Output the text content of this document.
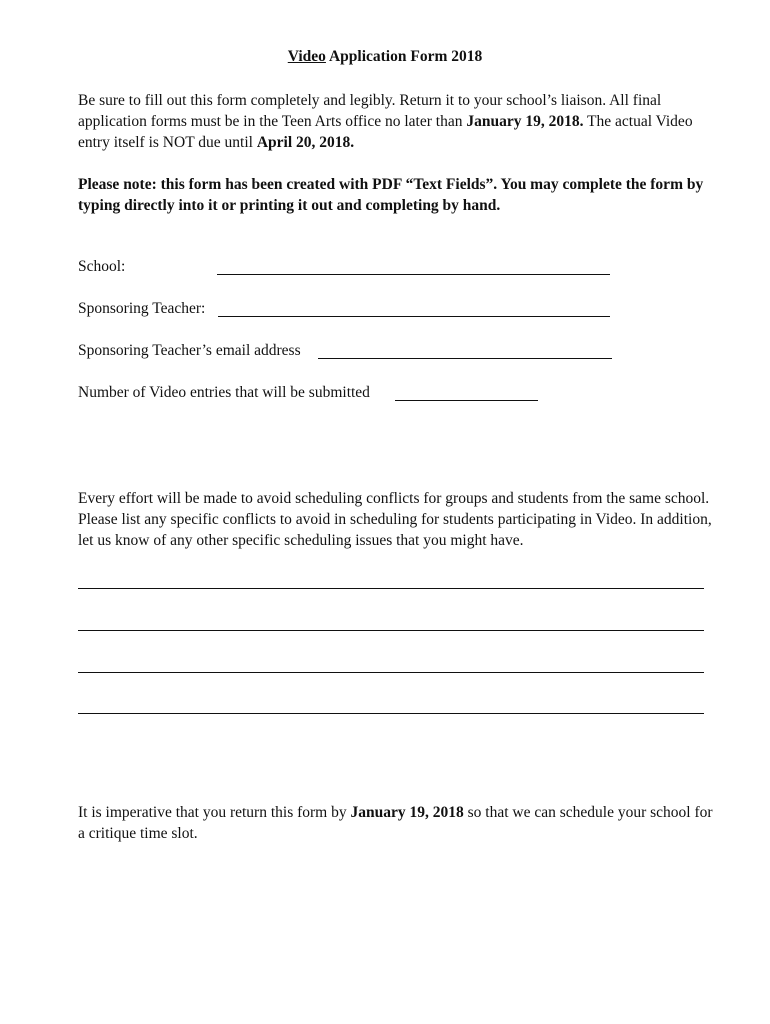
Video Application Form 2018
Be sure to fill out this form completely and legibly. Return it to your school’s liaison. All final application forms must be in the Teen Arts office no later than January 19, 2018. The actual Video entry itself is NOT due until April 20, 2018.
Please note: this form has been created with PDF “Text Fields”. You may complete the form by typing directly into it or printing it out and completing by hand.
School:
Sponsoring Teacher:
Sponsoring Teacher’s email address
Number of Video entries that will be submitted
Every effort will be made to avoid scheduling conflicts for groups and students from the same school. Please list any specific conflicts to avoid in scheduling for students participating in Video. In addition, let us know of any other specific scheduling issues that you might have.
It is imperative that you return this form by January 19, 2018 so that we can schedule your school for a critique time slot.
